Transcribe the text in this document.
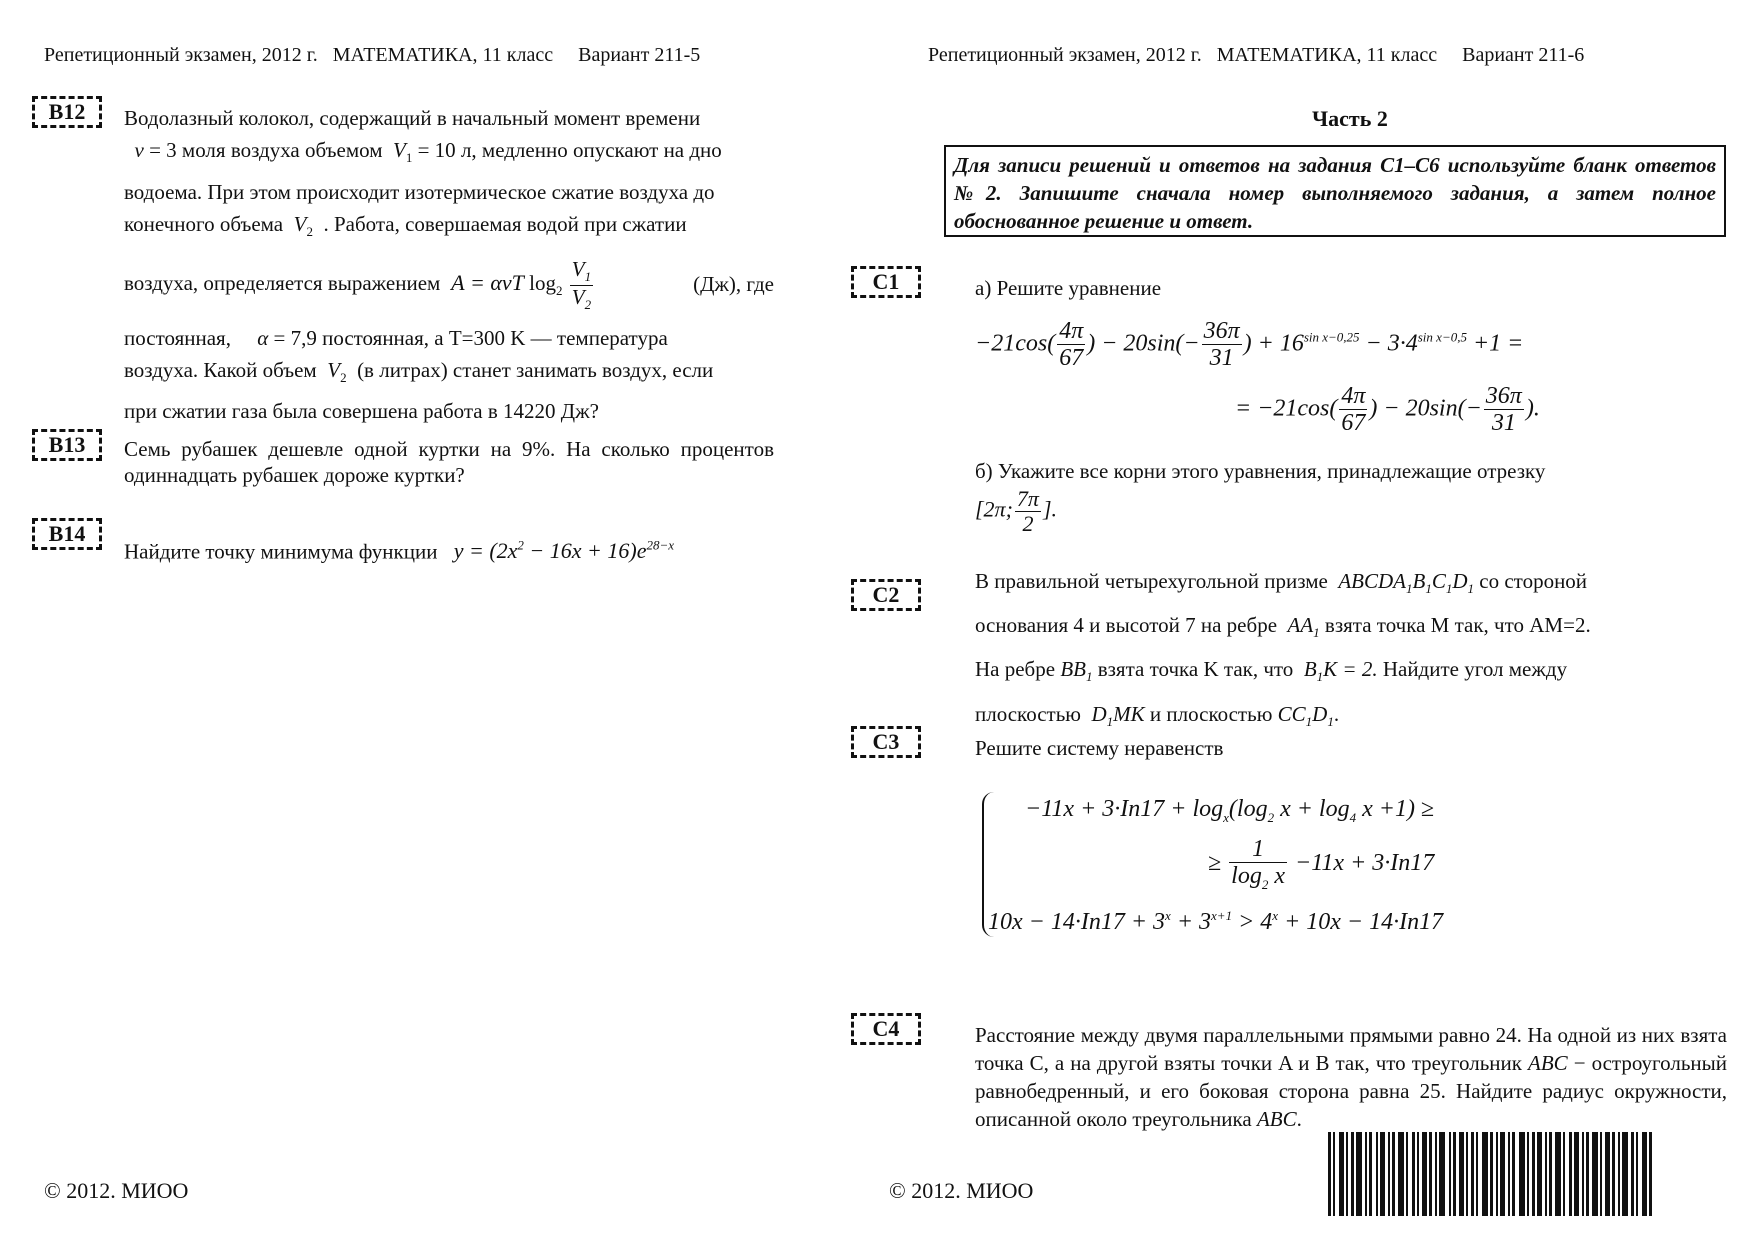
Репетиционный экзамен, 2012 г. МАТЕМАТИКА, 11 класс Вариант 211-5
B12	Водолазный колокол, содержащий в начальный момент времени
ν = 3 моля воздуха объемом $V_1 = 10$ л, медленно опускают на дно
водоема. При этом происходит изотермическое сжатие воздуха до
конечного объема $V_2$ . Работа, совершаемая водой при сжатии
воздуха, определяется выражением  A = αvT $\log_2 \frac{V_1}{V_2}$	(Дж), где
постоянная, α = 7,9 постоянная, а T=300 K — температура
воздуха. Какой объем $V_2$ (в литрах) станет занимать воздух, если
при сжатии газа была совершена работа в 14220 Дж?
B13	Семь рубашек дешевле одной куртки на 9%. На сколько процентов одиннадцать рубашек дороже куртки?
B14
Найдите точку минимума функции   $y = (2x^2 - 16x + 16)e^{28-x}$
© 2012. МИОО
Репетиционный экзамен, 2012 г. МАТЕМАТИКА, 11 класс Вариант 211-6
Часть 2
Для записи решений и ответов на задания С1–С6 используйте бланк ответов №2. Запишите сначала номер выполняемого задания, а затем полное обоснованное решение и ответ.
C1	а) Решите уравнение
$-21\cos( \frac{4\pi}{67}$ ) − $20\sin(- \frac{36\pi}{31}$ ) + $16^{sin x-0,25} - 3\cdot 4^{sin x-0,5} +1$ =
= $-21\cos( \frac{4\pi}{67}$ ) − $20\sin(- \frac{36\pi}{31}$ ).
б) Укажите все корни этого уравнения, принадлежащие отрезку
[2π; $\frac{7\pi}{2}$ ].
C2
В правильной четырехугольной призме $ABCDA_1B_1C_1D_1$ со стороной
основания 4 и высотой 7 на ребре $AA_1$ взята точка M так, что AM=2.
На ребре $BB_1$ взята точка K так, что $B_1K = 2$. Найдите угол между
плоскостью $D_1MK$ и плоскостью $CC_1D_1$.
C3	Решите систему неравенств
$-11x + 3\cdot In17 + \log_x(\log_2$ $x + \log_4 x +1$) ≥
≥ $\frac{1}{\log_2 x} -11x + 3\cdot In17$
$10x - 14\cdot In17 + 3^x + 3^{x+1} > 4^x + 10x - 14\cdot In17$
C4	Расстояние между двумя параллельными прямыми равно 24. На одной из них взята точка C, а на другой взяты точки A и B так, что треугольник ABC − остроугольный равнобедренный, и его боковая сторона равна 25. Найдите радиус окружности, описанной около треугольника ABC.
© 2012. МИОО
